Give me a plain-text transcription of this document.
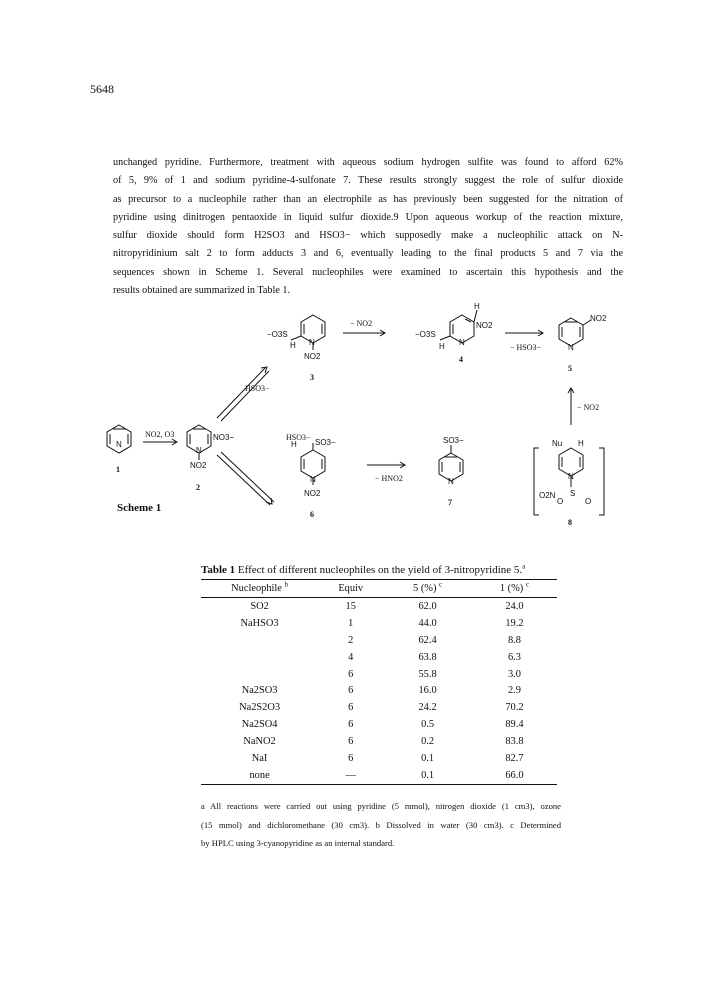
5648
unchanged pyridine. Furthermore, treatment with aqueous sodium hydrogen sulfite was found to afford 62%
of 5, 9% of 1 and sodium pyridine-4-sulfonate 7. These results strongly suggest the role of sulfur dioxide
as precursor to a nucleophile rather than an electrophile as has previously been suggested for the nitration of
pyridine using dinitrogen pentaoxide in liquid sulfur dioxide.9 Upon aqueous workup of the reaction mixture,
sulfur dioxide should form H2SO3 and HSO3− which supposedly make a nucleophilic attack on N-
nitropyridinium salt 2 to form adducts 3 and 6, eventually leading to the final products 5 and 7 via the
sequences shown in Scheme 1. Several nucleophiles were examined to ascertain this hypothesis and the
results obtained are summarized in Table 1.
N
1
NO2, O3
N
NO2
NO3−
2
HSO3−
HSO3−
−O3S
N
H
NO2
3
− NO2
−O3S
N
H
H
NO2
4
− HSO3−	N
NO2
5
− NO2
H SO3−
N
NO2
6
− HNO2
SO3−
N
7
Nu H
N
O2N
O
S
O
8
Scheme 1
Table 1 Effect of different nucleophiles on the yield of 3-nitropyridine 5.$^a$
Nucleophile $^b$	Equiv	5 (%) $^c$	1 (%) $^c$
SO2	15	62.0	24.0
NaHSO3	1	44.0	19.2
	2	62.4	8.8
	4	63.8	6.3
	6	55.8	3.0
Na2SO3	6	16.0	2.9
Na2S2O3	6	24.2	70.2
Na2SO4	6	0.5	89.4
NaNO2	6	0.2	83.8
NaI	6	0.1	82.7
none	—	0.1	66.0
a All reactions were carried out using pyridine (5 mmol), nitrogen dioxide (1 cm3), ozone
(15 mmol) and dichloromethane (30 cm3). b Dissolved in water (30 cm3). c Determined
by HPLC using 3-cyanopyridine as an internal standard.
